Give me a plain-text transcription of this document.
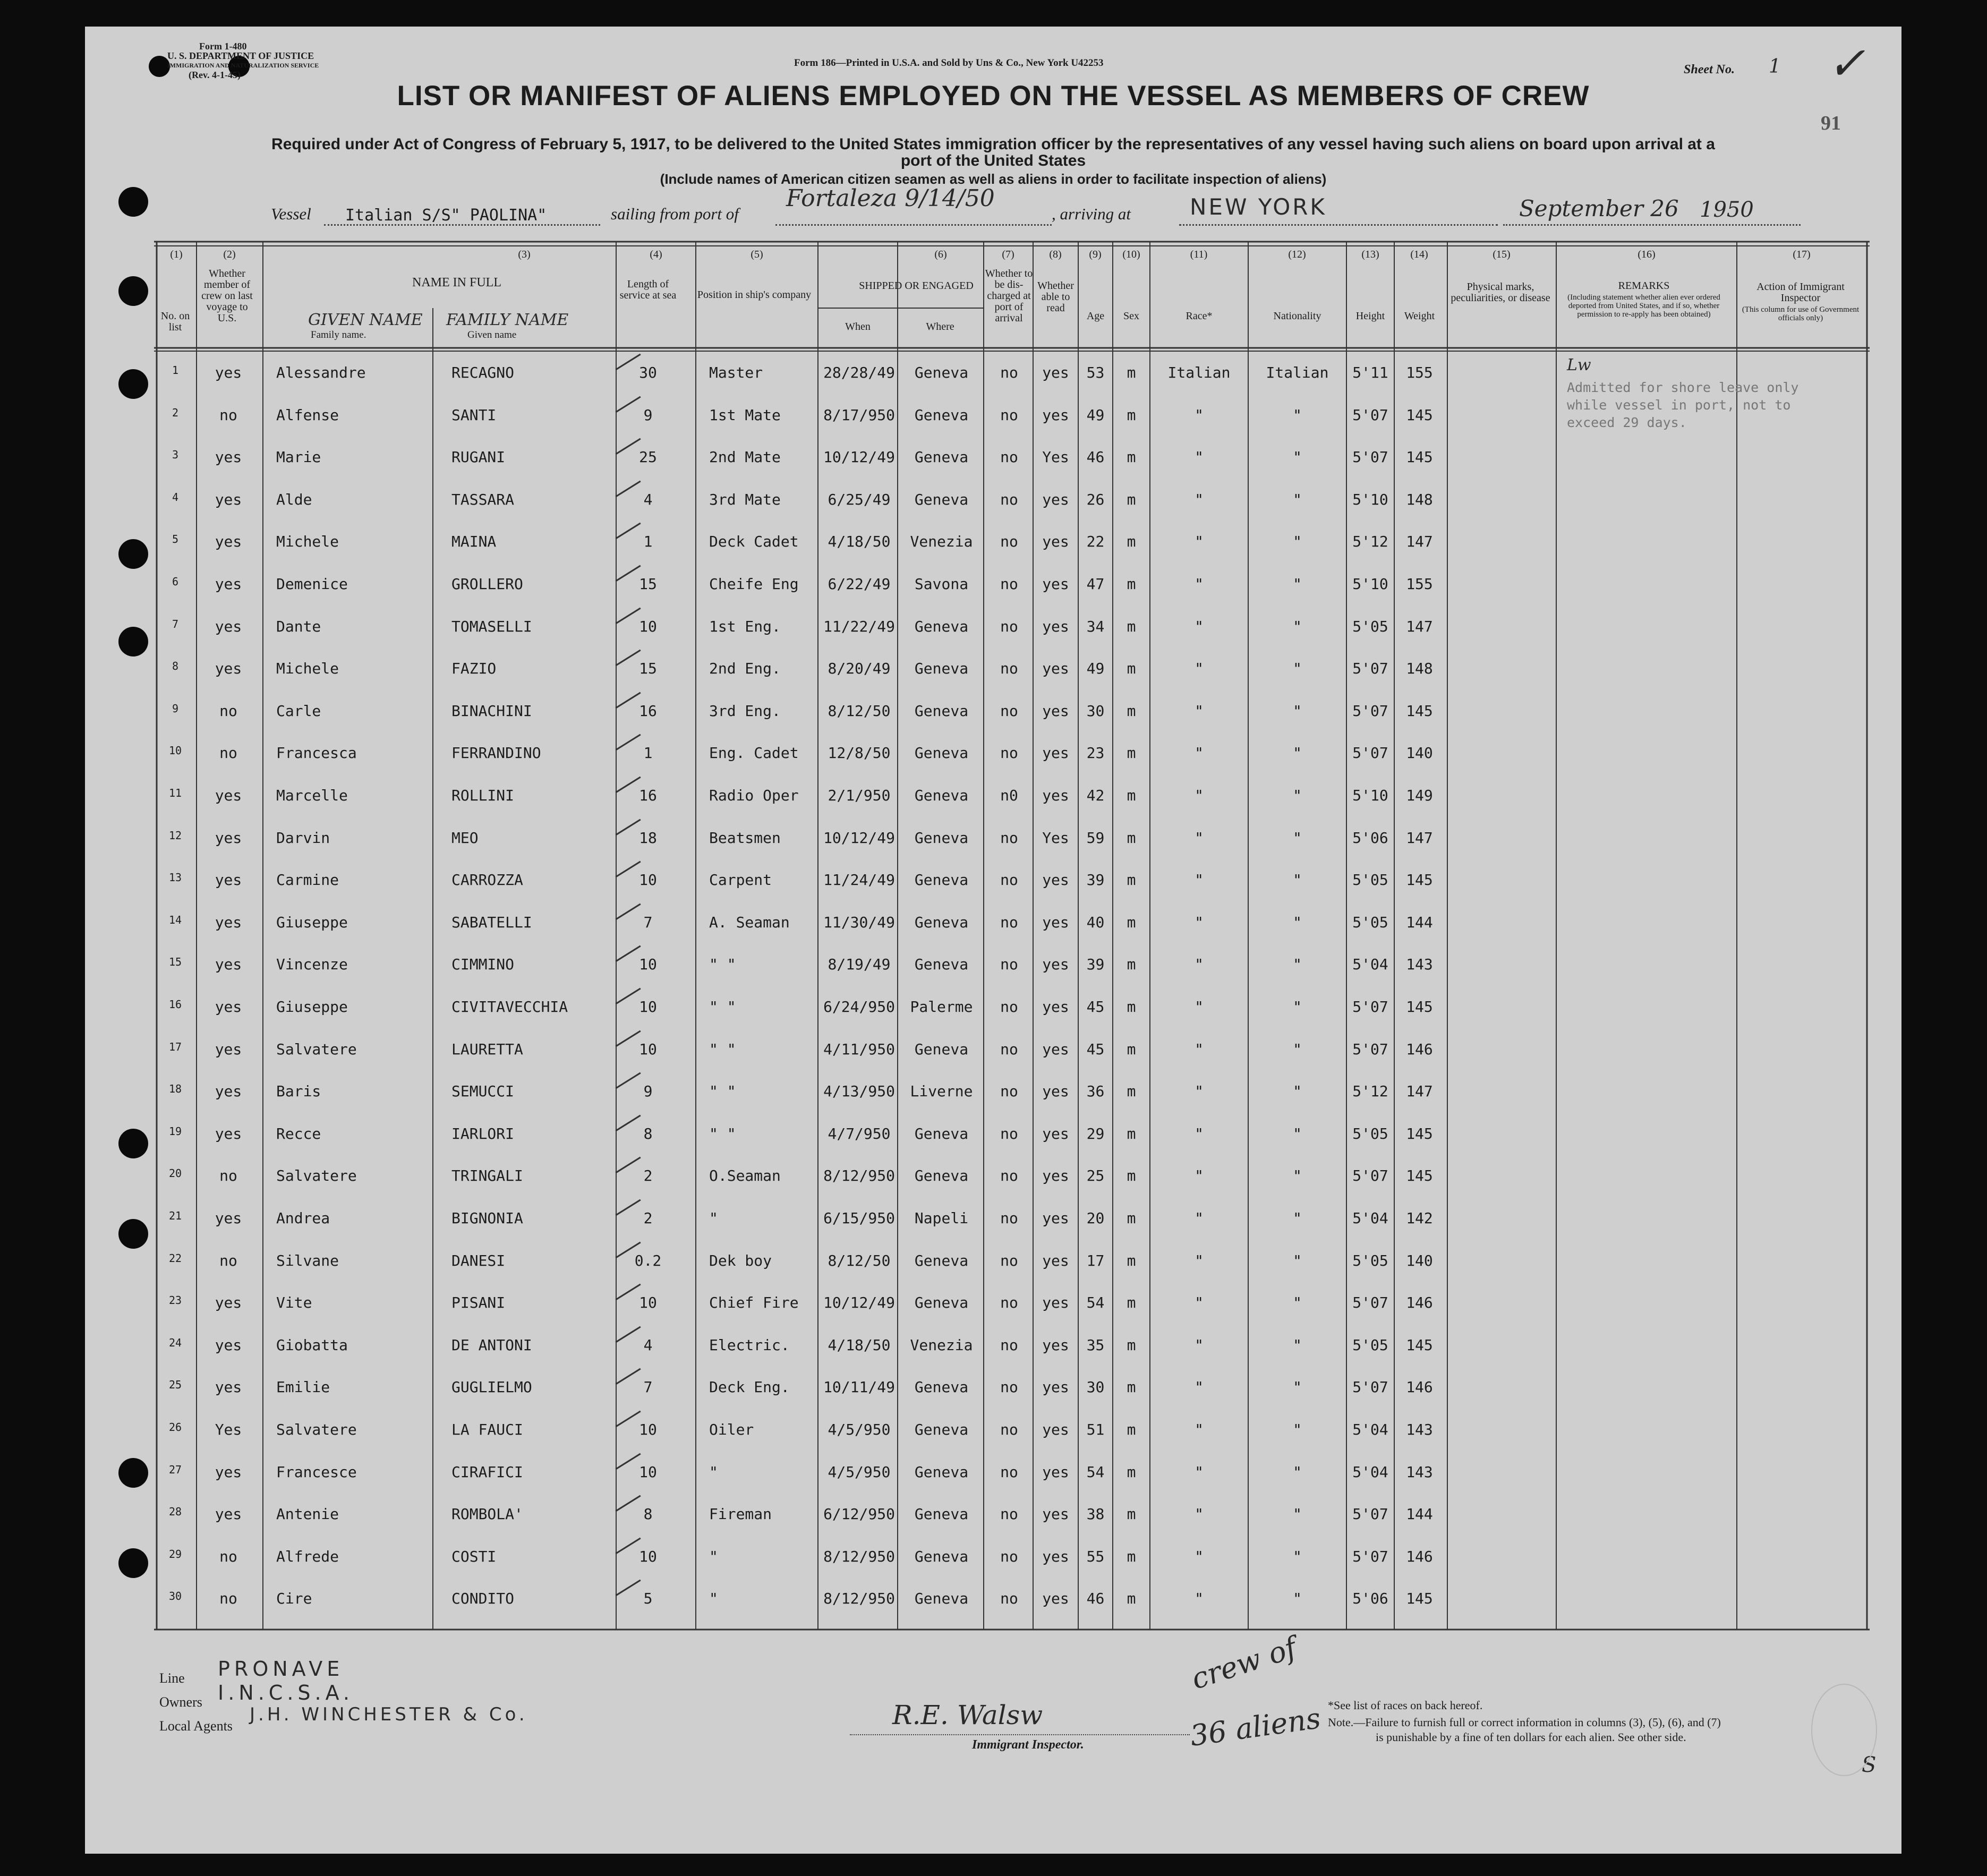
Form 1-480
U. S. DEPARTMENT OF JUSTICE
IMMIGRATION AND NATURALIZATION SERVICE
(Rev. 4-1-45)
Form 186—Printed in U.S.A. and Sold by Uns & Co., New York U42253	Sheet No. 1 ✓
91
LIST OR MANIFEST OF ALIENS EMPLOYED ON THE VESSEL AS MEMBERS OF CREW
Required under Act of Congress of February 5, 1917, to be delivered to the United States immigration officer by the representatives of any vessel having such aliens on board upon arrival at a
port of the United States
(Include names of American citizen seamen as well as aliens in order to facilitate inspection of aliens)
Vessel Italian S/S" PAOLINA"	sailing from port of
Fortaleza 9/14/50
, arriving at	NEW YORK	September 26 1950
No. on list
Whether member of crew on last voyage to U.S.
NAME IN FULL
GIVEN NAME FAMILY NAME
Family name.	Given name
Length of service at sea	Position in ship's company
SHIPPED OR ENGAGED
When	Where
Whether to be dis-charged at port of arrival
Whether able to read
Age	Sex	Race*	Nationality	Height	Weight
Physical marks, peculiarities, or disease
REMARKS
(Including statement whether alien ever ordered deported from United States, and if so, whether permission to re-apply has been obtained)
Action of Immigrant Inspector
(This column for use of Government officials only)
(1)	(2)	(3)	(4)	(5)	(6)	(7)	(8)	(9)	(10)	(11)	(12)	(13)	(14)	(15)	(16)	(17)
1	yes	Alessandre	RECAGNO	30	Master	28/28/49	Geneva	no	yes	53	m	Italian	Italian	5'11	155
2	no	Alfense	SANTI	9	1st Mate	8/17/950	Geneva	no	yes	49	m	"	"	5'07	145
3	yes	Marie	RUGANI	25	2nd Mate	10/12/49	Geneva	no	Yes	46	m	"	"	5'07	145
4	yes	Alde	TASSARA	4	3rd Mate	6/25/49	Geneva	no	yes	26	m	"	"	5'10	148
5	yes	Michele	MAINA	1	Deck Cadet	4/18/50	Venezia	no	yes	22	m	"	"	5'12	147
6	yes	Demenice	GROLLERO	15	Cheife Eng	6/22/49	Savona	no	yes	47	m	"	"	5'10	155
7	yes	Dante	TOMASELLI	10	1st Eng.	11/22/49	Geneva	no	yes	34	m	"	"	5'05	147
8	yes	Michele	FAZIO	15	2nd Eng.	8/20/49	Geneva	no	yes	49	m	"	"	5'07	148
9	no	Carle	BINACHINI	16	3rd Eng.	8/12/50	Geneva	no	yes	30	m	"	"	5'07	145
10	no	Francesca	FERRANDINO	1	Eng. Cadet	12/8/50	Geneva	no	yes	23	m	"	"	5'07	140
11	yes	Marcelle	ROLLINI	16	Radio Oper	2/1/950	Geneva	n0	yes	42	m	"	"	5'10	149
12	yes	Darvin	MEO	18	Beatsmen	10/12/49	Geneva	no	Yes	59	m	"	"	5'06	147
13	yes	Carmine	CARROZZA	10	Carpent	11/24/49	Geneva	no	yes	39	m	"	"	5'05	145
14	yes	Giuseppe	SABATELLI	7	A. Seaman	11/30/49	Geneva	no	yes	40	m	"	"	5'05	144
15	yes	Vincenze	CIMMINO	10	" "	8/19/49	Geneva	no	yes	39	m	"	"	5'04	143
16	yes	Giuseppe	CIVITAVECCHIA	10	" "	6/24/950	Palerme	no	yes	45	m	"	"	5'07	145
17	yes	Salvatere	LAURETTA	10	" "	4/11/950	Geneva	no	yes	45	m	"	"	5'07	146
18	yes	Baris	SEMUCCI	9	" "	4/13/950	Liverne	no	yes	36	m	"	"	5'12	147
19	yes	Recce	IARLORI	8	" "	4/7/950	Geneva	no	yes	29	m	"	"	5'05	145
20	no	Salvatere	TRINGALI	2	O.Seaman	8/12/950	Geneva	no	yes	25	m	"	"	5'07	145
21	yes	Andrea	BIGNONIA	2	"	6/15/950	Napeli	no	yes	20	m	"	"	5'04	142
22	no	Silvane	DANESI	0.2	Dek boy	8/12/50	Geneva	no	yes	17	m	"	"	5'05	140
23	yes	Vite	PISANI	10	Chief Fire	10/12/49	Geneva	no	yes	54	m	"	"	5'07	146
24	yes	Giobatta	DE ANTONI	4	Electric.	4/18/50	Venezia	no	yes	35	m	"	"	5'05	145
25	yes	Emilie	GUGLIELMO	7	Deck Eng.	10/11/49	Geneva	no	yes	30	m	"	"	5'07	146
26	Yes	Salvatere	LA FAUCI	10	Oiler	4/5/950	Geneva	no	yes	51	m	"	"	5'04	143
27	yes	Francesce	CIRAFICI	10	"	4/5/950	Geneva	no	yes	54	m	"	"	5'04	143
28	yes	Antenie	ROMBOLA'	8	Fireman	6/12/950	Geneva	no	yes	38	m	"	"	5'07	144
29	no	Alfrede	COSTI	10	"	8/12/950	Geneva	no	yes	55	m	"	"	5'07	146
30	no	Cire	CONDITO	5	"	8/12/950	Geneva	no	yes	46	m	"	"	5'06	145
Lw
Admitted for shore leave only
while vessel in port, not to
exceed 29 days.
Line PRONAVE
Owners I.N.C.S.A.
Local Agents
J.H. WINCHESTER & Co.	R.E. Walsw
Immigrant Inspector.
crew of
36 aliens *See list of races on back hereof.
Note.—Failure to furnish full or correct information in columns (3), (5), (6), and (7)
is punishable by a fine of ten dollars for each alien. See other side.
S
